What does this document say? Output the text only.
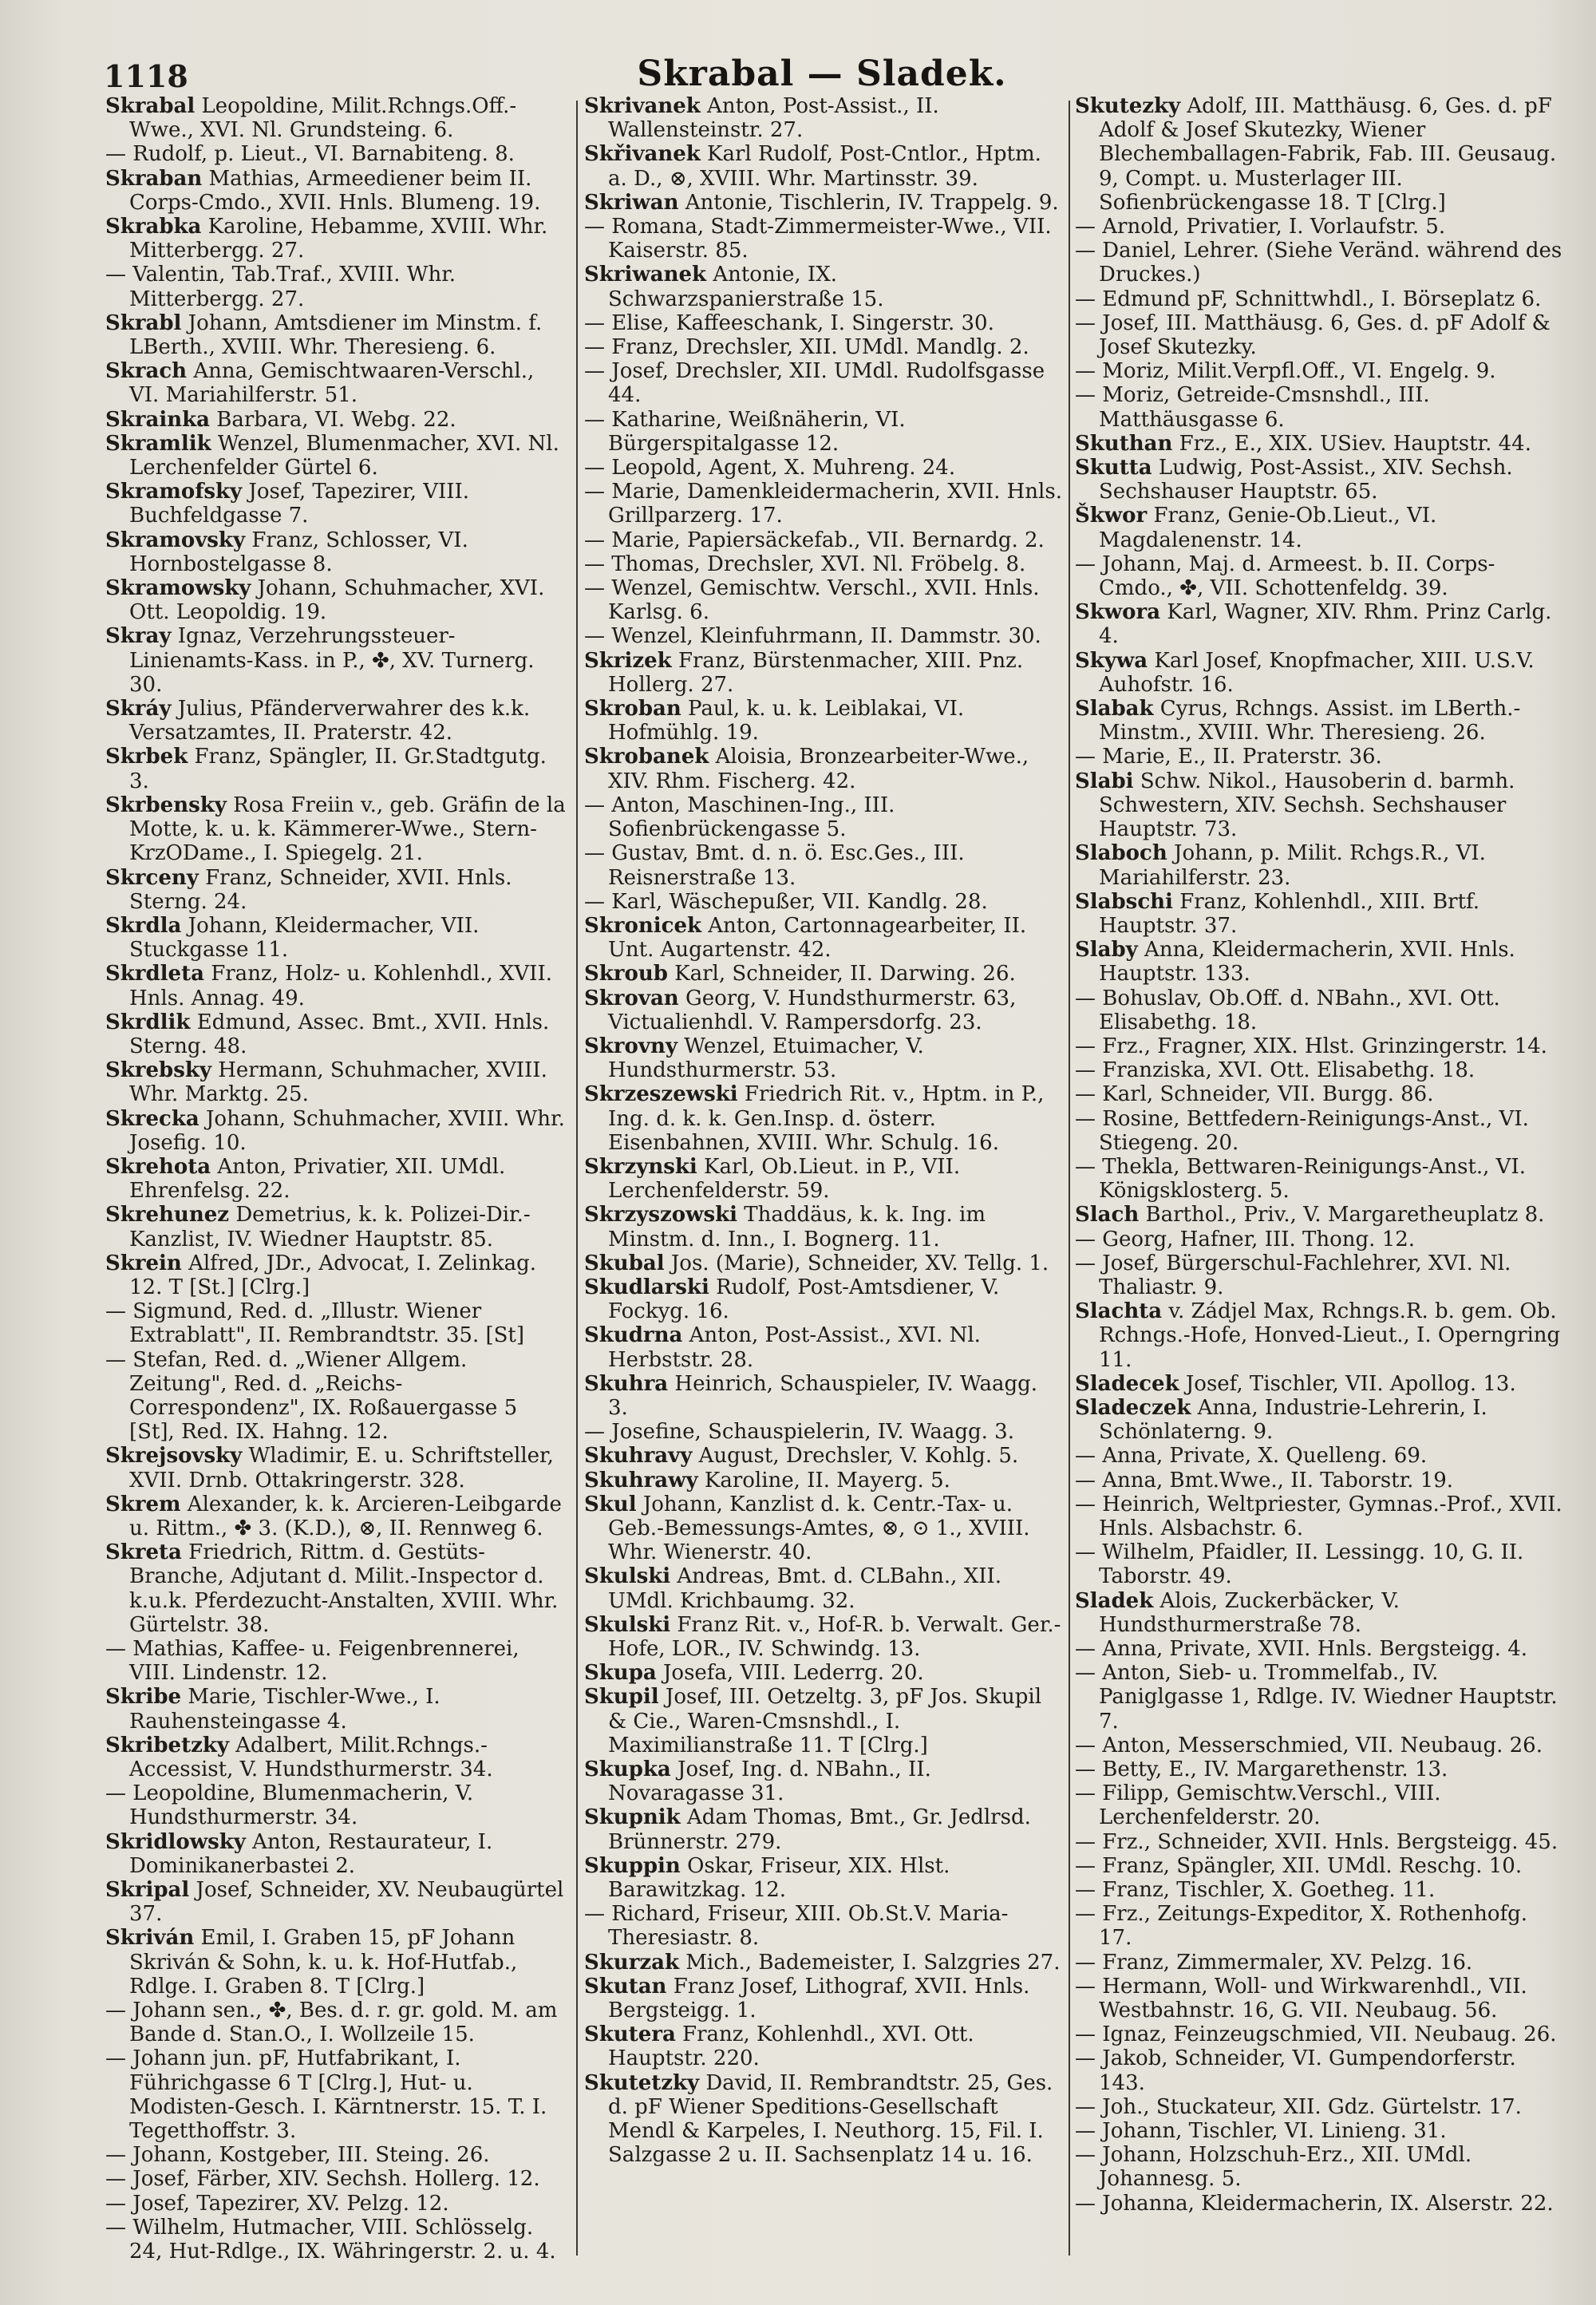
1118	Skrabal — Sladek.

Skrabal Leopoldine, Milit.Rchngs.Off.-Wwe., XVI. Nl. Grundsteing. 6.

— Rudolf, p. Lieut., VI. Barnabiteng. 8.

Skraban Mathias, Armeediener beim II. Corps-Cmdo., XVII. Hnls. Blumeng. 19.

Skrabka Karoline, Hebamme, XVIII. Whr. Mitterbergg. 27.

— Valentin, Tab.Traf., XVIII. Whr. Mitterbergg. 27.

Skrabl Johann, Amtsdiener im Minstm. f. LBerth., XVIII. Whr. Theresieng. 6.

Skrach Anna, Gemischtwaaren-Verschl., VI. Mariahilferstr. 51.

Skrainka Barbara, VI. Webg. 22.

Skramlik Wenzel, Blumenmacher, XVI. Nl. Lerchenfelder Gürtel 6.

Skramofsky Josef, Tapezirer, VIII. Buchfeldgasse 7.

Skramovsky Franz, Schlosser, VI. Hornbostelgasse 8.

Skramowsky Johann, Schuhmacher, XVI. Ott. Leopoldig. 19.

Skray Ignaz, Verzehrungssteuer-Linienamts-Kass. in P., ✤, XV. Turnerg. 30.

Skráy Julius, Pfänderverwahrer des k.k. Versatzamtes, II. Praterstr. 42.

Skrbek Franz, Spängler, II. Gr.Stadtgutg. 3.

Skrbensky Rosa Freiin v., geb. Gräfin de la Motte, k. u. k. Kämmerer-Wwe., Stern-KrzODame., I. Spiegelg. 21.

Skrceny Franz, Schneider, XVII. Hnls. Sterng. 24.

Skrdla Johann, Kleidermacher, VII. Stuckgasse 11.

Skrdleta Franz, Holz- u. Kohlenhdl., XVII. Hnls. Annag. 49.

Skrdlik Edmund, Assec. Bmt., XVII. Hnls. Sterng. 48.

Skrebsky Hermann, Schuhmacher, XVIII. Whr. Marktg. 25.

Skrecka Johann, Schuhmacher, XVIII. Whr. Josefig. 10.

Skrehota Anton, Privatier, XII. UMdl. Ehrenfelsg. 22.

Skrehunez Demetrius, k. k. Polizei-Dir.-Kanzlist, IV. Wiedner Hauptstr. 85.

Skrein Alfred, JDr., Advocat, I. Zelinkag. 12. T [St.] [Clrg.]

— Sigmund, Red. d. „Illustr. Wiener Extrablatt", II. Rembrandtstr. 35. [St]

— Stefan, Red. d. „Wiener Allgem. Zeitung", Red. d. „Reichs-Correspondenz", IX. Roßauergasse 5 [St], Red. IX. Hahng. 12.

Skrejsovsky Wladimir, E. u. Schriftsteller, XVII. Drnb. Ottakringerstr. 328.

Skrem Alexander, k. k. Arcieren-Leibgarde u. Rittm., ✤ 3. (K.D.), ⊗, II. Rennweg 6.

Skreta Friedrich, Rittm. d. Gestüts-Branche, Adjutant d. Milit.-Inspector d. k.u.k. Pferdezucht-Anstalten, XVIII. Whr. Gürtelstr. 38.

— Mathias, Kaffee- u. Feigenbrennerei, VIII. Lindenstr. 12.

Skribe Marie, Tischler-Wwe., I. Rauhensteingasse 4.

Skribetzky Adalbert, Milit.Rchngs.-Accessist, V. Hundsthurmerstr. 34.

— Leopoldine, Blumenmacherin, V. Hundsthurmerstr. 34.

Skridlowsky Anton, Restaurateur, I. Dominikanerbastei 2.

Skripal Josef, Schneider, XV. Neubaugürtel 37.

Skriván Emil, I. Graben 15, pF Johann Skriván & Sohn, k. u. k. Hof-Hutfab., Rdlge. I. Graben 8. T [Clrg.]

— Johann sen., ✤, Bes. d. r. gr. gold. M. am Bande d. Stan.O., I. Wollzeile 15.

— Johann jun. pF, Hutfabrikant, I. Führichgasse 6 T [Clrg.], Hut- u. Modisten-Gesch. I. Kärntnerstr. 15. T. I. Tegetthoffstr. 3.

— Johann, Kostgeber, III. Steing. 26.

— Josef, Färber, XIV. Sechsh. Hollerg. 12.

— Josef, Tapezirer, XV. Pelzg. 12.

— Wilhelm, Hutmacher, VIII. Schlösselg. 24, Hut-Rdlge., IX. Währingerstr. 2. u. 4.

Skrivanek Anton, Post-Assist., II. Wallensteinstr. 27.

Skřivanek Karl Rudolf, Post-Cntlor., Hptm. a. D., ⊗, XVIII. Whr. Martinsstr. 39.

Skriwan Antonie, Tischlerin, IV. Trappelg. 9.

— Romana, Stadt-Zimmermeister-Wwe., VII. Kaiserstr. 85.

Skriwanek Antonie, IX. Schwarzspanierstraße 15.

— Elise, Kaffeeschank, I. Singerstr. 30.

— Franz, Drechsler, XII. UMdl. Mandlg. 2.

— Josef, Drechsler, XII. UMdl. Rudolfsgasse 44.

— Katharine, Weißnäherin, VI. Bürgerspitalgasse 12.

— Leopold, Agent, X. Muhreng. 24.

— Marie, Damenkleidermacherin, XVII. Hnls. Grillparzerg. 17.

— Marie, Papiersäckefab., VII. Bernardg. 2.

— Thomas, Drechsler, XVI. Nl. Fröbelg. 8.

— Wenzel, Gemischtw. Verschl., XVII. Hnls. Karlsg. 6.

— Wenzel, Kleinfuhrmann, II. Dammstr. 30.

Skrizek Franz, Bürstenmacher, XIII. Pnz. Hollerg. 27.

Skroban Paul, k. u. k. Leiblakai, VI. Hofmühlg. 19.

Skrobanek Aloisia, Bronzearbeiter-Wwe., XIV. Rhm. Fischerg. 42.

— Anton, Maschinen-Ing., III. Sofienbrückengasse 5.

— Gustav, Bmt. d. n. ö. Esc.Ges., III. Reisnerstraße 13.

— Karl, Wäschepußer, VII. Kandlg. 28.

Skronicek Anton, Cartonnagearbeiter, II. Unt. Augartenstr. 42.

Skroub Karl, Schneider, II. Darwing. 26.

Skrovan Georg, V. Hundsthurmerstr. 63, Victualienhdl. V. Rampersdorfg. 23.

Skrovny Wenzel, Etuimacher, V. Hundsthurmerstr. 53.

Skrzeszewski Friedrich Rit. v., Hptm. in P., Ing. d. k. k. Gen.Insp. d. österr. Eisenbahnen, XVIII. Whr. Schulg. 16.

Skrzynski Karl, Ob.Lieut. in P., VII. Lerchenfelderstr. 59.

Skrzyszowski Thaddäus, k. k. Ing. im Minstm. d. Inn., I. Bognerg. 11.

Skubal Jos. (Marie), Schneider, XV. Tellg. 1.

Skudlarski Rudolf, Post-Amtsdiener, V. Fockyg. 16.

Skudrna Anton, Post-Assist., XVI. Nl. Herbststr. 28.

Skuhra Heinrich, Schauspieler, IV. Waagg. 3.

— Josefine, Schauspielerin, IV. Waagg. 3.

Skuhravy August, Drechsler, V. Kohlg. 5.

Skuhrawy Karoline, II. Mayerg. 5.

Skul Johann, Kanzlist d. k. Centr.-Tax- u. Geb.-Bemessungs-Amtes, ⊗, ⊙ 1., XVIII. Whr. Wienerstr. 40.

Skulski Andreas, Bmt. d. CLBahn., XII. UMdl. Krichbaumg. 32.

Skulski Franz Rit. v., Hof-R. b. Verwalt. Ger.-Hofe, LOR., IV. Schwindg. 13.

Skupa Josefa, VIII. Lederrg. 20.

Skupil Josef, III. Oetzeltg. 3, pF Jos. Skupil & Cie., Waren-Cmsnshdl., I. Maximilianstraße 11. T [Clrg.]

Skupka Josef, Ing. d. NBahn., II. Novaragasse 31.

Skupnik Adam Thomas, Bmt., Gr. Jedlrsd. Brünnerstr. 279.

Skuppin Oskar, Friseur, XIX. Hlst. Barawitzkag. 12.

— Richard, Friseur, XIII. Ob.St.V. Maria-Theresiastr. 8.

Skurzak Mich., Bademeister, I. Salzgries 27.

Skutan Franz Josef, Lithograf, XVII. Hnls. Bergsteigg. 1.

Skutera Franz, Kohlenhdl., XVI. Ott. Hauptstr. 220.

Skutetzky David, II. Rembrandtstr. 25, Ges. d. pF Wiener Speditions-Gesellschaft Mendl & Karpeles, I. Neuthorg. 15, Fil. I. Salzgasse 2 u. II. Sachsenplatz 14 u. 16.

Skutezky Adolf, III. Matthäusg. 6, Ges. d. pF Adolf & Josef Skutezky, Wiener Blechemballagen-Fabrik, Fab. III. Geusaug. 9, Compt. u. Musterlager III. Sofienbrückengasse 18. T [Clrg.]

— Arnold, Privatier, I. Vorlaufstr. 5.

— Daniel, Lehrer. (Siehe Veränd. während des Druckes.)

— Edmund pF, Schnittwhdl., I. Börseplatz 6.

— Josef, III. Matthäusg. 6, Ges. d. pF Adolf & Josef Skutezky.

— Moriz, Milit.Verpfl.Off., VI. Engelg. 9.

— Moriz, Getreide-Cmsnshdl., III. Matthäusgasse 6.

Skuthan Frz., E., XIX. USiev. Hauptstr. 44.

Skutta Ludwig, Post-Assist., XIV. Sechsh. Sechshauser Hauptstr. 65.

Škwor Franz, Genie-Ob.Lieut., VI. Magdalenenstr. 14.

— Johann, Maj. d. Armeest. b. II. Corps-Cmdo., ✤, VII. Schottenfeldg. 39.

Skwora Karl, Wagner, XIV. Rhm. Prinz Carlg. 4.

Skywa Karl Josef, Knopfmacher, XIII. U.S.V. Auhofstr. 16.

Slabak Cyrus, Rchngs. Assist. im LBerth.-Minstm., XVIII. Whr. Theresieng. 26.

— Marie, E., II. Praterstr. 36.

Slabi Schw. Nikol., Hausoberin d. barmh. Schwestern, XIV. Sechsh. Sechshauser Hauptstr. 73.

Slaboch Johann, p. Milit. Rchgs.R., VI. Mariahilferstr. 23.

Slabschi Franz, Kohlenhdl., XIII. Brtf. Hauptstr. 37.

Slaby Anna, Kleidermacherin, XVII. Hnls. Hauptstr. 133.

— Bohuslav, Ob.Off. d. NBahn., XVI. Ott. Elisabethg. 18.

— Frz., Fragner, XIX. Hlst. Grinzingerstr. 14.

— Franziska, XVI. Ott. Elisabethg. 18.

— Karl, Schneider, VII. Burgg. 86.

— Rosine, Bettfedern-Reinigungs-Anst., VI. Stiegeng. 20.

— Thekla, Bettwaren-Reinigungs-Anst., VI. Königsklosterg. 5.

Slach Barthol., Priv., V. Margaretheuplatz 8.

— Georg, Hafner, III. Thong. 12.

— Josef, Bürgerschul-Fachlehrer, XVI. Nl. Thaliastr. 9.

Slachta v. Zádjel Max, Rchngs.R. b. gem. Ob. Rchngs.-Hofe, Honved-Lieut., I. Operngring 11.

Sladecek Josef, Tischler, VII. Apollog. 13.

Sladeczek Anna, Industrie-Lehrerin, I. Schönlaterng. 9.

— Anna, Private, X. Quelleng. 69.

— Anna, Bmt.Wwe., II. Taborstr. 19.

— Heinrich, Weltpriester, Gymnas.-Prof., XVII. Hnls. Alsbachstr. 6.

— Wilhelm, Pfaidler, II. Lessingg. 10, G. II. Taborstr. 49.

Sladek Alois, Zuckerbäcker, V. Hundsthurmerstraße 78.

— Anna, Private, XVII. Hnls. Bergsteigg. 4.

— Anton, Sieb- u. Trommelfab., IV. Paniglgasse 1, Rdlge. IV. Wiedner Hauptstr. 7.

— Anton, Messerschmied, VII. Neubaug. 26.

— Betty, E., IV. Margarethenstr. 13.

— Filipp, Gemischtw.Verschl., VIII. Lerchenfelderstr. 20.

— Frz., Schneider, XVII. Hnls. Bergsteigg. 45.

— Franz, Spängler, XII. UMdl. Reschg. 10.

— Franz, Tischler, X. Goetheg. 11.

— Frz., Zeitungs-Expeditor, X. Rothenhofg. 17.

— Franz, Zimmermaler, XV. Pelzg. 16.

— Hermann, Woll- und Wirkwarenhdl., VII. Westbahnstr. 16, G. VII. Neubaug. 56.

— Ignaz, Feinzeugschmied, VII. Neubaug. 26.

— Jakob, Schneider, VI. Gumpendorferstr. 143.

— Joh., Stuckateur, XII. Gdz. Gürtelstr. 17.

— Johann, Tischler, VI. Linieng. 31.

— Johann, Holzschuh-Erz., XII. UMdl. Johannesg. 5.

— Johanna, Kleidermacherin, IX. Alserstr. 22.
